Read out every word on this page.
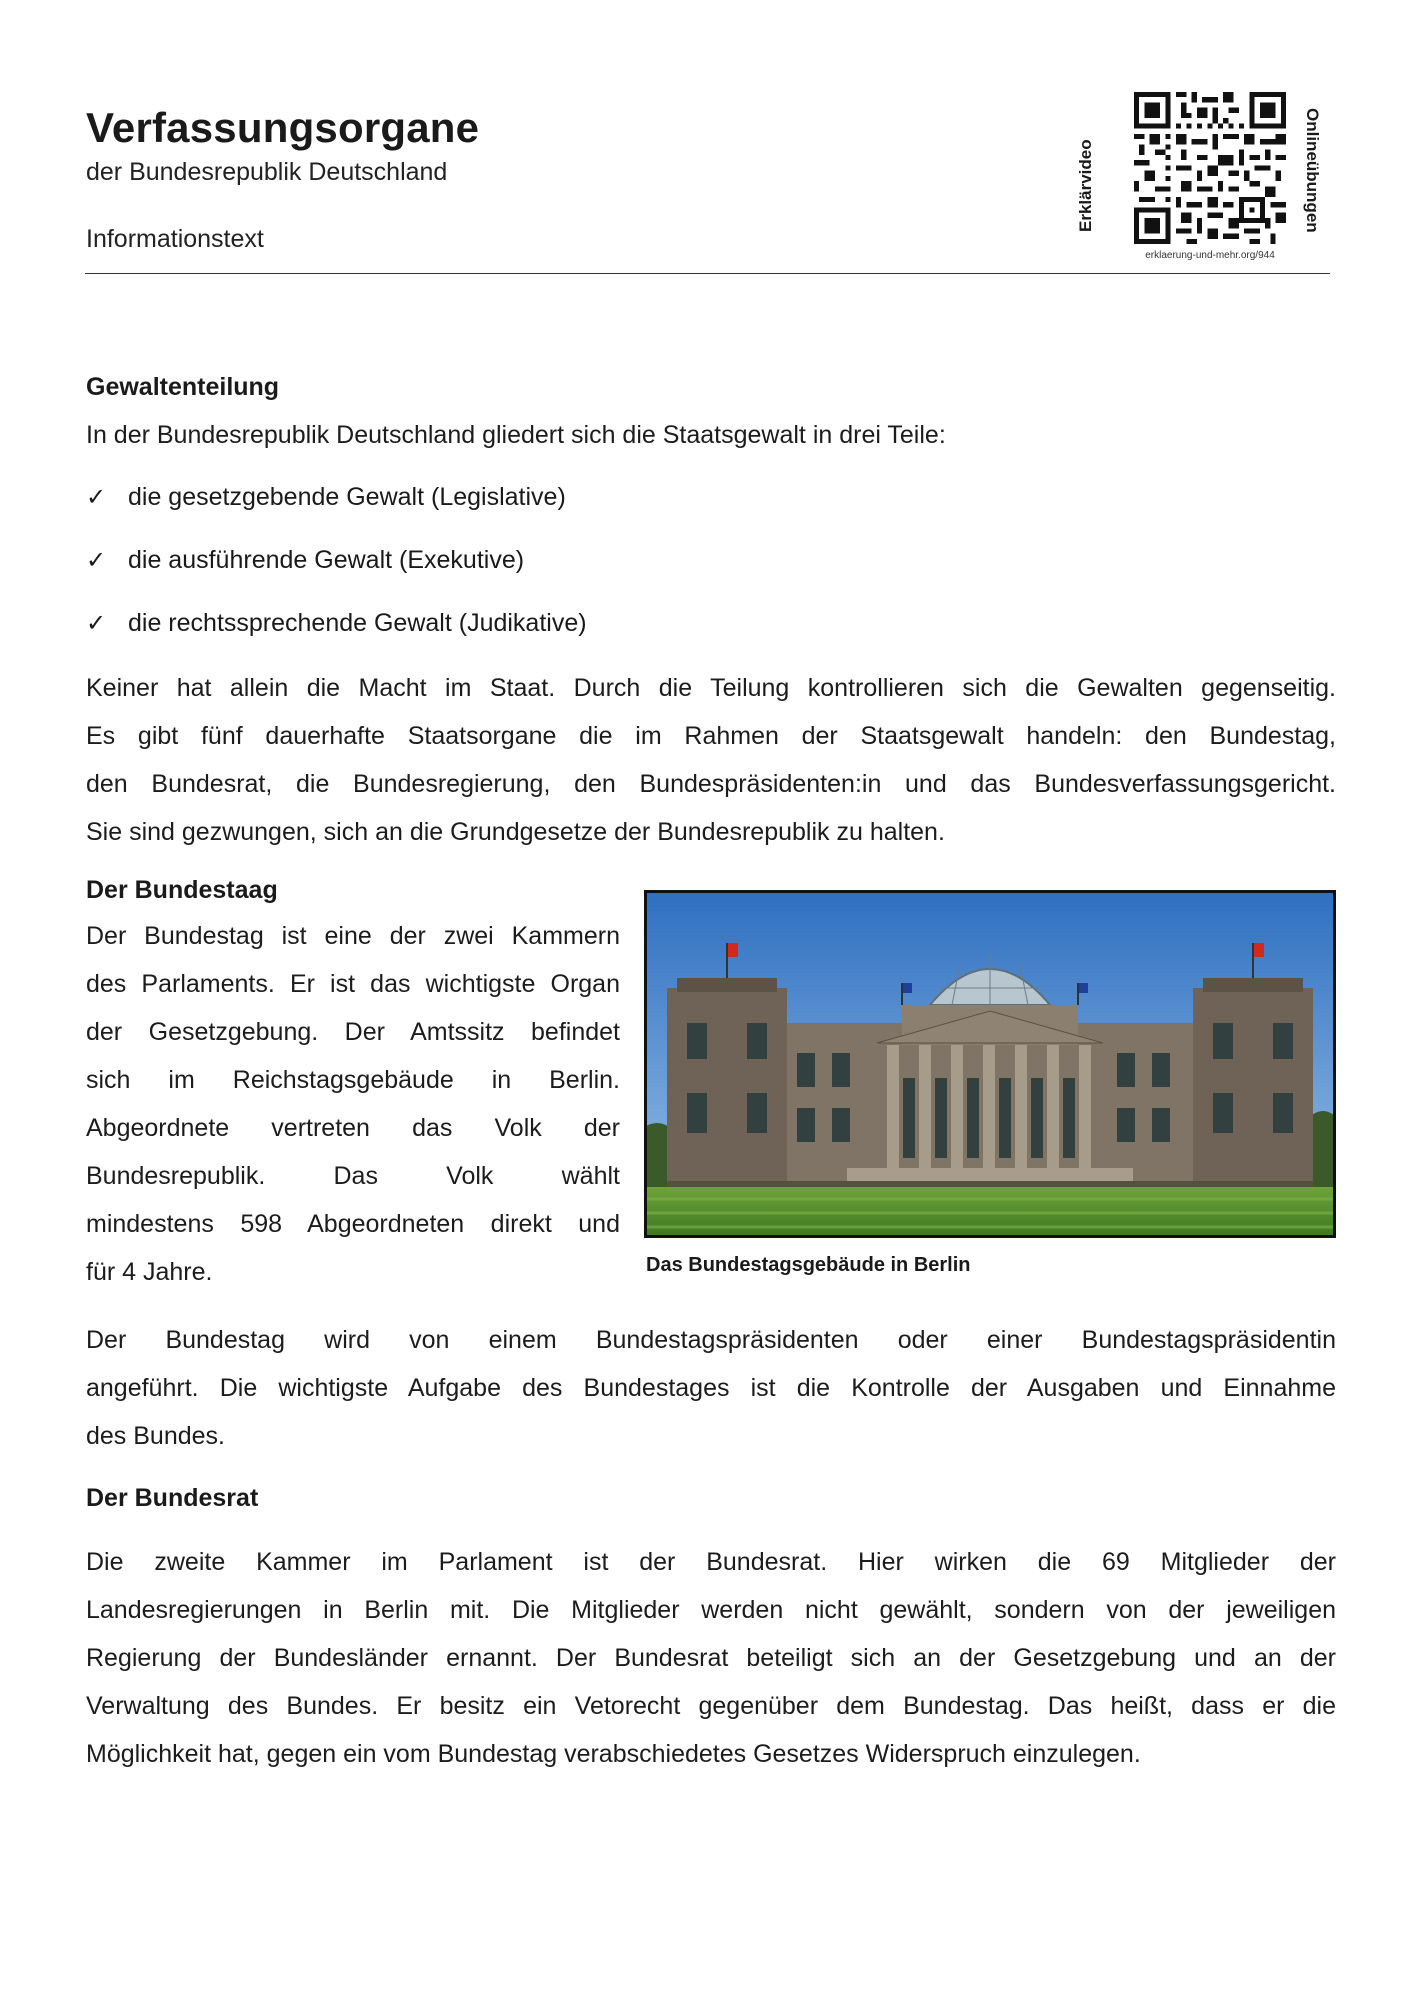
Verfassungsorgane
der Bundesrepublik Deutschland
Informationstext
Erklärvideo	Onlineübungen
erklaerung-und-mehr.org/944
Gewaltenteilung
In der Bundesrepublik Deutschland gliedert sich die Staatsgewalt in drei Teile:
✓ die gesetzgebende Gewalt (Legislative)
✓ die ausführende Gewalt (Exekutive)
✓ die rechtssprechende Gewalt (Judikative)
Keiner hat allein die Macht im Staat. Durch die Teilung kontrollieren sich die Gewalten gegenseitig.
Es gibt fünf dauerhafte Staatsorgane die im Rahmen der Staatsgewalt handeln: den Bundestag,
den Bundesrat, die Bundesregierung, den Bundespräsidenten:in und das Bundesverfassungsgericht.
Sie sind gezwungen, sich an die Grundgesetze der Bundesrepublik zu halten.
Der Bundestaag
Der Bundestag ist eine der zwei Kammern
des Parlaments. Er ist das wichtigste Organ
der Gesetzgebung. Der Amtssitz befindet
sich im Reichstagsgebäude in Berlin.
Abgeordnete vertreten das Volk der
Bundesrepublik. Das Volk wählt
mindestens 598 Abgeordneten direkt und
für 4 Jahre.	Das Bundestagsgebäude in Berlin
Der Bundestag wird von einem Bundestagspräsidenten oder einer Bundestagspräsidentin
angeführt. Die wichtigste Aufgabe des Bundestages ist die Kontrolle der Ausgaben und Einnahme
des Bundes.
Der Bundesrat
Die zweite Kammer im Parlament ist der Bundesrat. Hier wirken die 69 Mitglieder der
Landesregierungen in Berlin mit. Die Mitglieder werden nicht gewählt, sondern von der jeweiligen
Regierung der Bundesländer ernannt. Der Bundesrat beteiligt sich an der Gesetzgebung und an der
Verwaltung des Bundes. Er besitz ein Vetorecht gegenüber dem Bundestag. Das heißt, dass er die
Möglichkeit hat, gegen ein vom Bundestag verabschiedetes Gesetzes Widerspruch einzulegen.
